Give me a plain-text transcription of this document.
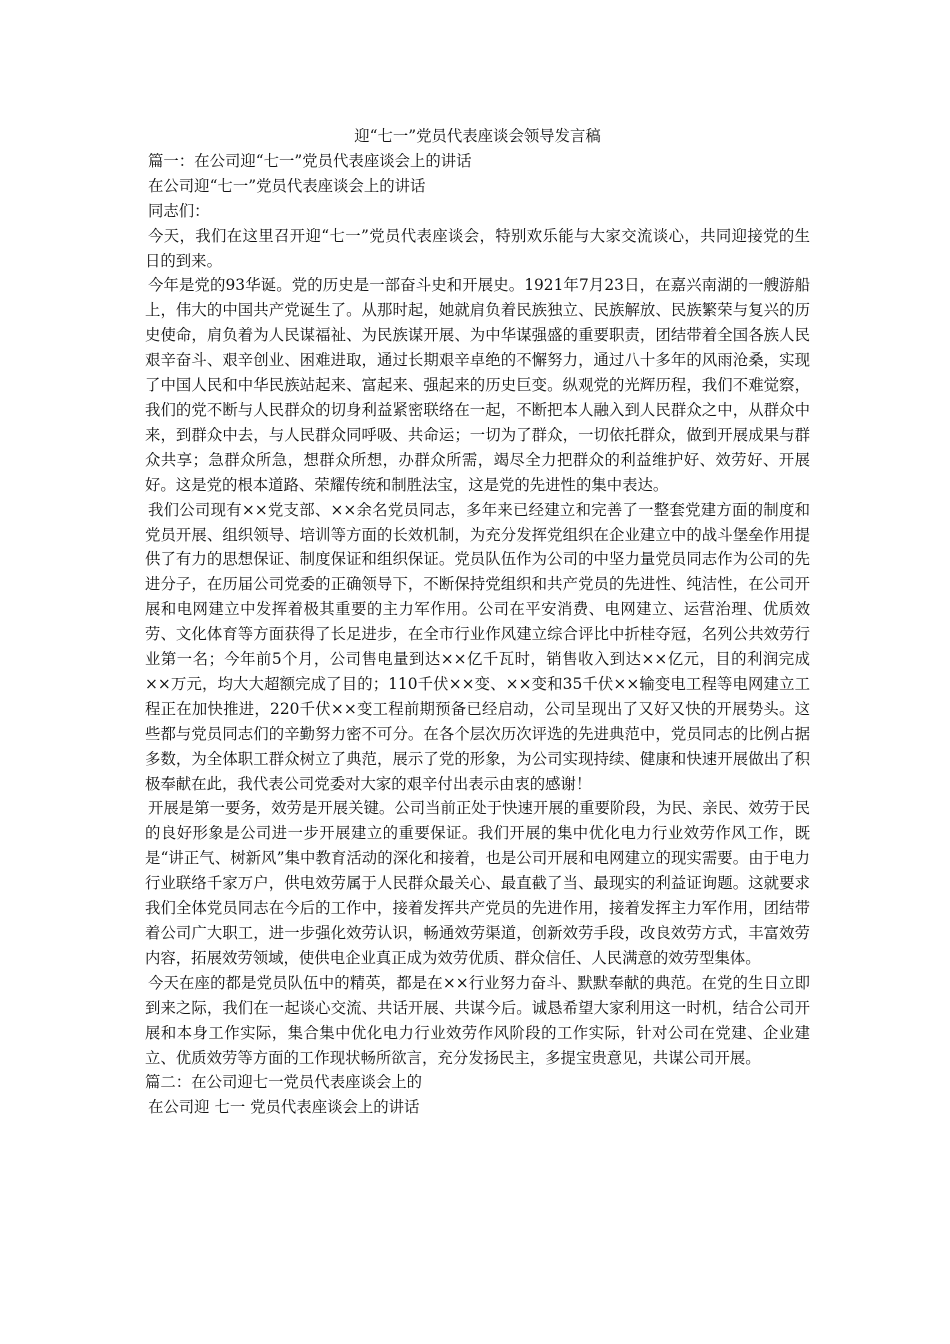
迎“七一”党员代表座谈会领导发言稿

篇一：在公司迎“七一”党员代表座谈会上的讲话

在公司迎“七一”党员代表座谈会上的讲话

同志们：

今天，我们在这里召开迎“七一”党员代表座谈会，特别欢乐能与大家交流谈心，共同迎接党的生日的到来。

今年是党的93华诞。党的历史是一部奋斗史和开展史。1921年7月23日，在嘉兴南湖的一艘游船上，伟大的中国共产党诞生了。从那时起，她就肩负着民族独立、民族解放、民族繁荣与复兴的历史使命，肩负着为人民谋福祉、为民族谋开展、为中华谋强盛的重要职责，团结带着全国各族人民艰辛奋斗、艰辛创业、困难进取，通过长期艰辛卓绝的不懈努力，通过八十多年的风雨沧桑，实现了中国人民和中华民族站起来、富起来、强起来的历史巨变。纵观党的光辉历程，我们不难觉察，我们的党不断与人民群众的切身利益紧密联络在一起，不断把本人融入到人民群众之中，从群众中来，到群众中去，与人民群众同呼吸、共命运；一切为了群众，一切依托群众，做到开展成果与群众共享；急群众所急，想群众所想，办群众所需，竭尽全力把群众的利益维护好、效劳好、开展好。这是党的根本道路、荣耀传统和制胜法宝，这是党的先进性的集中表达。

我们公司现有××党支部、××余名党员同志，多年来已经建立和完善了一整套党建方面的制度和党员开展、组织领导、培训等方面的长效机制，为充分发挥党组织在企业建立中的战斗堡垒作用提供了有力的思想保证、制度保证和组织保证。党员队伍作为公司的中坚力量党员同志作为公司的先进分子，在历届公司党委的正确领导下，不断保持党组织和共产党员的先进性、纯洁性，在公司开展和电网建立中发挥着极其重要的主力军作用。公司在平安消费、电网建立、运营治理、优质效劳、文化体育等方面获得了长足进步，在全市行业作风建立综合评比中折桂夺冠，名列公共效劳行业第一名；今年前5个月，公司售电量到达××亿千瓦时，销售收入到达××亿元，目的利润完成××万元，均大大超额完成了目的；110千伏××变、××变和35千伏××输变电工程等电网建立工程正在加快推进，220千伏××变工程前期预备已经启动，公司呈现出了又好又快的开展势头。这些都与党员同志们的辛勤努力密不可分。在各个层次历次评选的先进典范中，党员同志的比例占据多数，为全体职工群众树立了典范，展示了党的形象，为公司实现持续、健康和快速开展做出了积极奉献在此，我代表公司党委对大家的艰辛付出表示由衷的感谢！

开展是第一要务，效劳是开展关键。公司当前正处于快速开展的重要阶段，为民、亲民、效劳于民的良好形象是公司进一步开展建立的重要保证。我们开展的集中优化电力行业效劳作风工作，既是“讲正气、树新风”集中教育活动的深化和接着，也是公司开展和电网建立的现实需要。由于电力行业联络千家万户，供电效劳属于人民群众最关心、最直截了当、最现实的利益证询题。这就要求我们全体党员同志在今后的工作中，接着发挥共产党员的先进作用，接着发挥主力军作用，团结带着公司广大职工，进一步强化效劳认识，畅通效劳渠道，创新效劳手段，改良效劳方式，丰富效劳内容，拓展效劳领域，使供电企业真正成为效劳优质、群众信任、人民满意的效劳型集体。

今天在座的都是党员队伍中的精英，都是在××行业努力奋斗、默默奉献的典范。在党的生日立即到来之际，我们在一起谈心交流、共话开展、共谋今后。诚恳希望大家利用这一时机，结合公司开展和本身工作实际，集合集中优化电力行业效劳作风阶段的工作实际，针对公司在党建、企业建立、优质效劳等方面的工作现状畅所欲言，充分发扬民主，多提宝贵意见，共谋公司开展。

篇二：在公司迎七一党员代表座谈会上的

在公司迎 七一 党员代表座谈会上的讲话
